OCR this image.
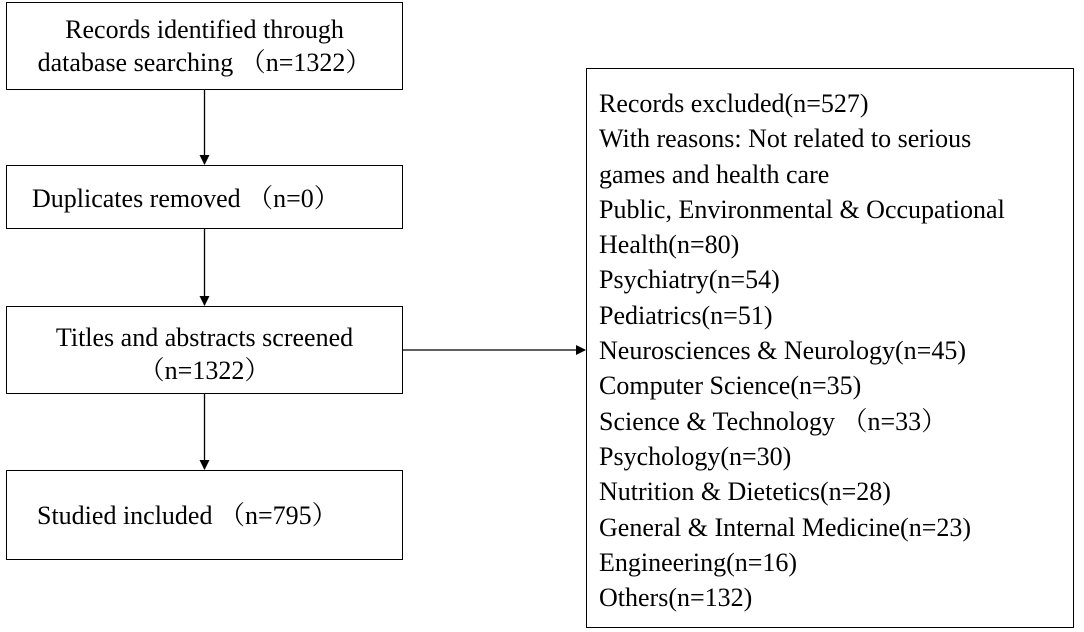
Records identified through
database searching （n=1322）
Duplicates removed （n=0）
Titles and abstracts screened
（n=1322）
Studied included （n=795）
Records excluded(n=527)
With reasons: Not related to serious
games and health care
Public, Environmental & Occupational
Health(n=80)
Psychiatry(n=54)
Pediatrics(n=51)
Neurosciences & Neurology(n=45)
Computer Science(n=35)
Science & Technology （n=33）
Psychology(n=30)
Nutrition & Dietetics(n=28)
General & Internal Medicine(n=23)
Engineering(n=16)
Others(n=132)
